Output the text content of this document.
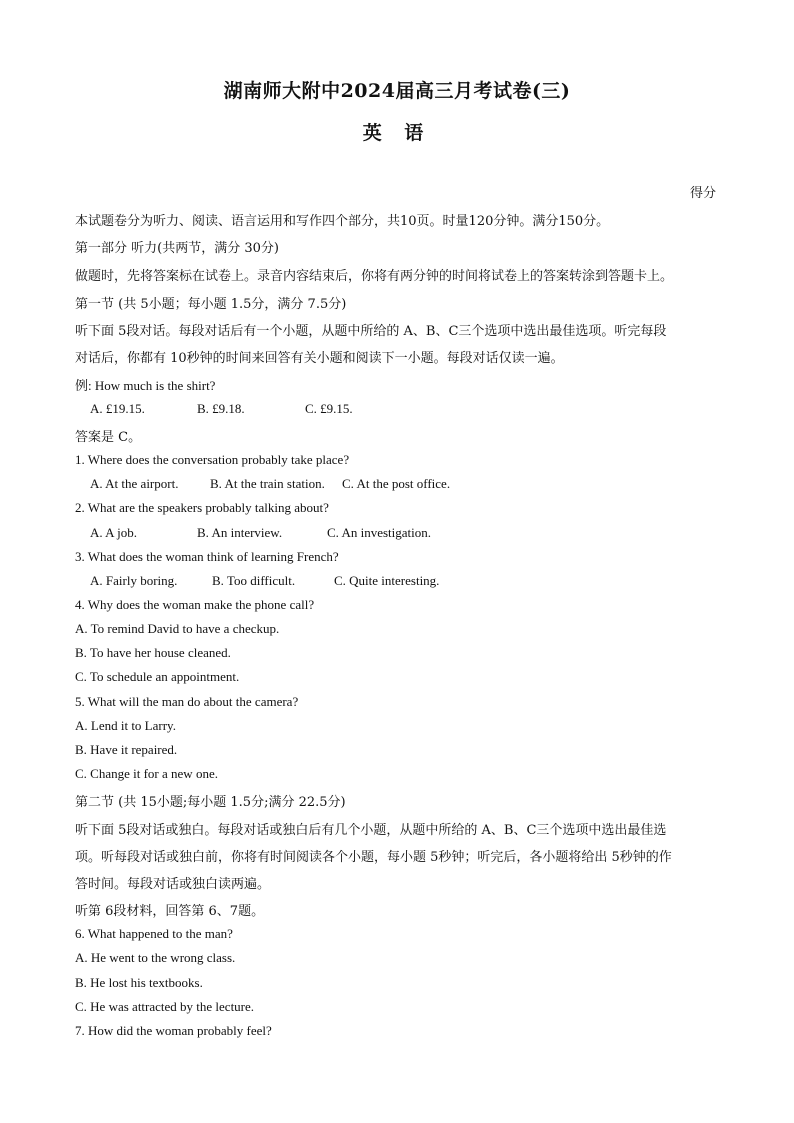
湖南师大附中2024届高三月考试卷(三)
英 语
得分
本试题卷分为听力、阅读、语言运用和写作四个部分，共10页。时量120分钟。满分150分。
第一部分 听力(共两节，满分 30分)
做题时，先将答案标在试卷上。录音内容结束后，你将有两分钟的时间将试卷上的答案转涂到答题卡上。
第一节 (共 5小题；每小题 1.5分，满分 7.5分)
听下面 5段对话。每段对话后有一个小题，从题中所给的 A、B、C三个选项中选出最佳选项。听完每段
对话后，你都有 10秒钟的时间来回答有关小题和阅读下一小题。每段对话仅读一遍。
例: How much is the shirt?
A. £19.15.	B. £9.18.	C. £9.15.
答案是 C。
1. Where does the conversation probably take place?
A. At the airport. B. At the train station. C. At the post office.
2. What are the speakers probably talking about?
A. A job.	B. An interview.	C. An investigation.
3. What does the woman think of learning French?
A. Fairly boring.	B. Too difficult.	C. Quite interesting.
4. Why does the woman make the phone call?
A. To remind David to have a checkup.
B. To have her house cleaned.
C. To schedule an appointment.
5. What will the man do about the camera?
A. Lend it to Larry.
B. Have it repaired.
C. Change it for a new one.
第二节 (共 15小题;每小题 1.5分;满分 22.5分)
听下面 5段对话或独白。每段对话或独白后有几个小题，从题中所给的 A、B、C三个选项中选出最佳选
项。听每段对话或独白前，你将有时间阅读各个小题，每小题 5秒钟；听完后，各小题将给出 5秒钟的作
答时间。每段对话或独白读两遍。
听第 6段材料，回答第 6、7题。
6. What happened to the man?
A. He went to the wrong class.
B. He lost his textbooks.
C. He was attracted by the lecture.
7. How did the woman probably feel?
